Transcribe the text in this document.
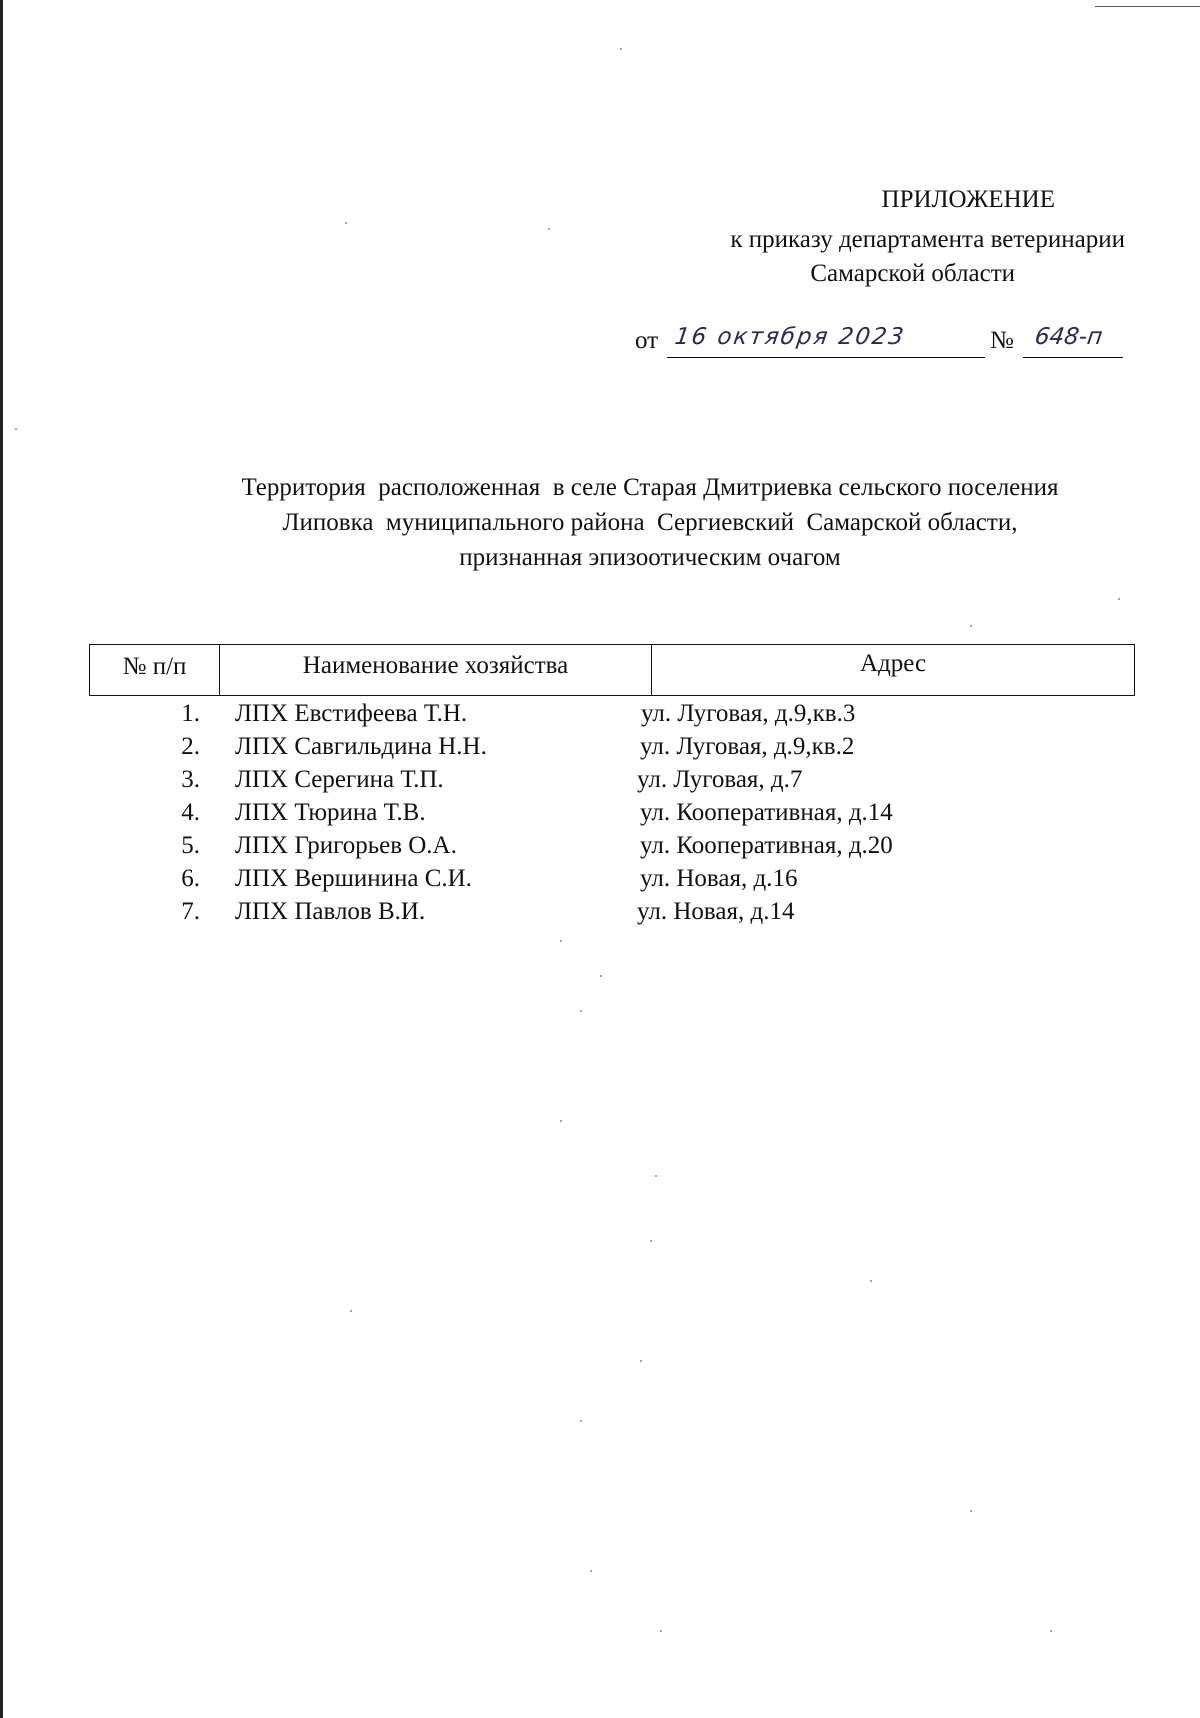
ПРИЛОЖЕНИЕ
к приказу департамента ветеринарии
Самарской области
от 16 октября 2023	№ 648-п
Территория  расположенная  в селе Старая Дмитриевка сельского поселения
Липовка  муниципального района  Сергиевский  Самарской области,
признанная эпизоотическим очагом
№ п/п	Наименование хозяйства	Адрес
1. ЛПХ Евстифеева Т.Н.	ул. Луговая, д.9,кв.3
2. ЛПХ Савгильдина Н.Н.	ул. Луговая, д.9,кв.2
3. ЛПХ Серегина Т.П.	ул. Луговая, д.7
4. ЛПХ Тюрина Т.В.	ул. Кооперативная, д.14
5. ЛПХ Григорьев О.А.	ул. Кооперативная, д.20
6. ЛПХ Вершинина С.И.	ул. Новая, д.16
7. ЛПХ Павлов В.И.	ул. Новая, д.14
